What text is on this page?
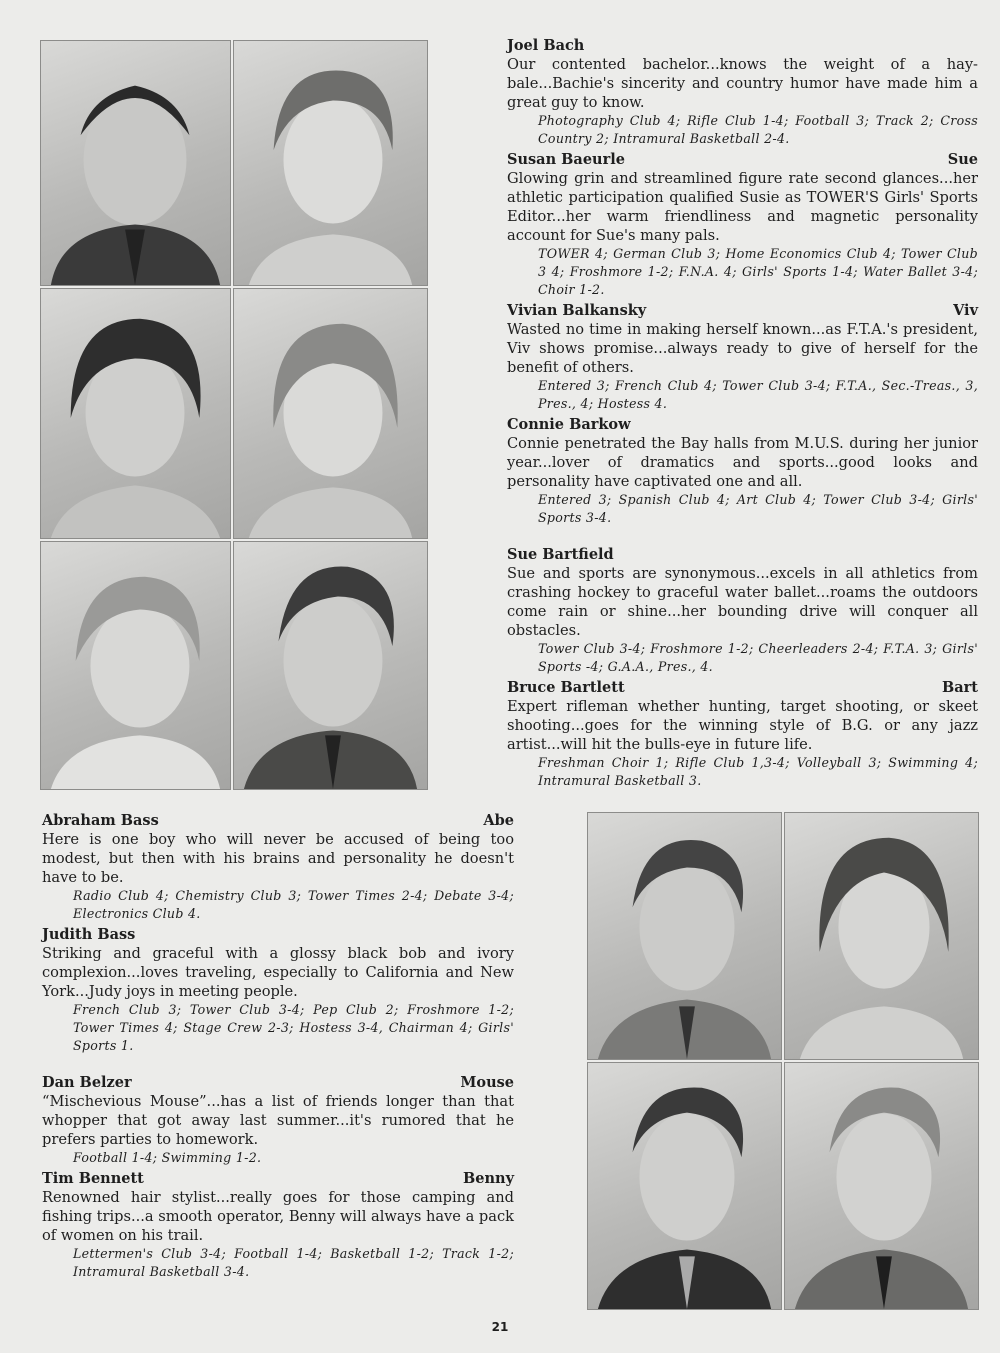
Joel Bach
Our contented bachelor...knows the weight of a hay-bale...Bachie's sincerity and country humor have made him a great guy to know.
Photography Club 4; Rifle Club 1-4; Football 3; Track 2; Cross Country 2; Intramural Basketball 2-4.
Susan Baeurle	Sue
Glowing grin and streamlined figure rate second glances...her athletic participation qualified Susie as TOWER'S Girls' Sports Editor...her warm friendliness and magnetic personality account for Sue's many pals.
TOWER 4; German Club 3; Home Economics Club 4; Tower Club 3 4; Froshmore 1-2; F.N.A. 4; Girls' Sports 1-4; Water Ballet 3-4; Choir 1-2.
Vivian Balkansky	Viv
Wasted no time in making herself known...as F.T.A.'s president, Viv shows promise...always ready to give of herself for the benefit of others.
Entered 3; French Club 4; Tower Club 3-4; F.T.A., Sec.-Treas., 3, Pres., 4; Hostess 4.
Connie Barkow
Connie penetrated the Bay halls from M.U.S. during her junior year...lover of dramatics and sports...good looks and personality have captivated one and all.
Entered 3; Spanish Club 4; Art Club 4; Tower Club 3-4; Girls' Sports 3-4.
Sue Bartfield
Sue and sports are synonymous...excels in all athletics from crashing hockey to graceful water ballet...roams the outdoors come rain or shine...her bounding drive will conquer all obstacles.
Tower Club 3-4; Froshmore 1-2; Cheerleaders 2-4; F.T.A. 3; Girls' Sports -4; G.A.A., Pres., 4.
Bruce Bartlett	Bart
Expert rifleman whether hunting, target shooting, or skeet shooting...goes for the winning style of B.G. or any jazz artist...will hit the bulls-eye in future life.
Freshman Choir 1; Rifle Club 1,3-4; Volleyball 3; Swimming 4; Intramural Basketball 3.
Abraham Bass	Abe
Here is one boy who will never be accused of being too modest, but then with his brains and personality he doesn't have to be.
Radio Club 4; Chemistry Club 3; Tower Times 2-4; Debate 3-4; Electronics Club 4.
Judith Bass
Striking and graceful with a glossy black bob and ivory complexion...loves traveling, especially to California and New York...Judy joys in meeting people.
French Club 3; Tower Club 3-4; Pep Club 2; Froshmore 1-2; Tower Times 4; Stage Crew 2-3; Hostess 3-4, Chairman 4; Girls' Sports 1.
Dan Belzer	Mouse
“Mischevious Mouse”...has a list of friends longer than that whopper that got away last summer...it's rumored that he prefers parties to homework.
Football 1-4; Swimming 1-2.
Tim Bennett	Benny
Renowned hair stylist...really goes for those camping and fishing trips...a smooth operator, Benny will always have a pack of women on his trail.
Lettermen's Club 3-4; Football 1-4; Basketball 1-2; Track 1-2; Intramural Basketball 3-4.
21
